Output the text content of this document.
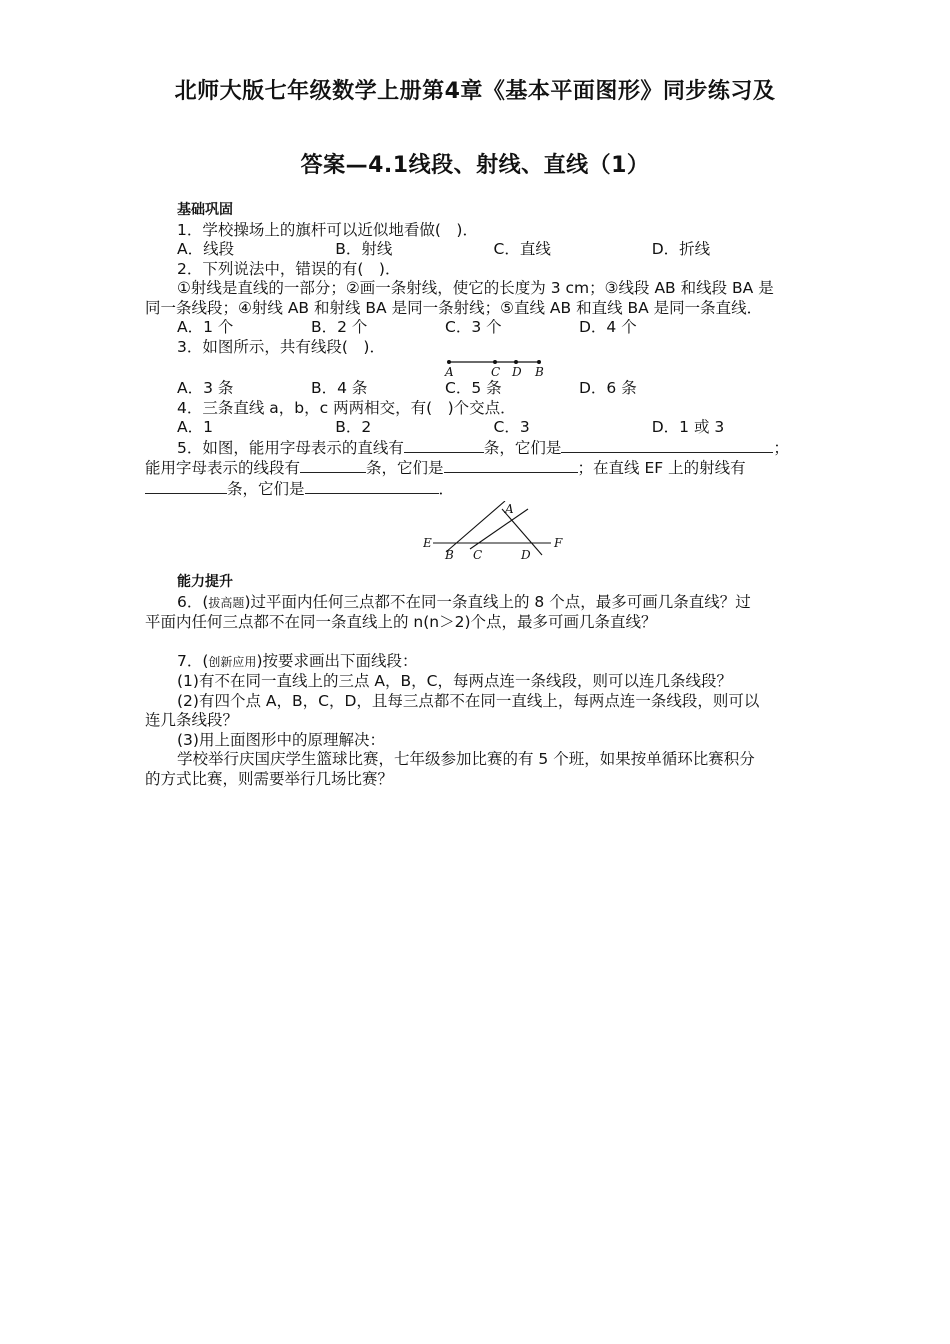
北师大版七年级数学上册第4章《基本平面图形》同步练习及
答案—4.1线段、射线、直线（1）

基础巩固

1．学校操场上的旗杆可以近似地看做(　)．

A．线段	B．射线	C．直线	D．折线

2．下列说法中，错误的有(　)．

①射线是直线的一部分；②画一条射线，使它的长度为 3 cm；③线段 AB 和线段 BA 是

同一条线段；④射线 AB 和射线 BA 是同一条射线；⑤直线 AB 和直线 BA 是同一条直线．

A．1 个	B．2 个	C．3 个	D．4 个

3．如图所示，共有线段(　)．

A	C D B
A．3 条	B．4 条	C．5 条	D．6 条

4．三条直线 a，b，c 两两相交，有(　)个交点．

A．1	B．2	C．3	D．1 或 3

5．如图，能用字母表示的直线有	条，它们是	；

能用字母表示的线段有	条，它们是	；在直线 EF 上的射线有

条，它们是	．

A
E
B C	D
F

能力提升

6．(拔高题)过平面内任何三点都不在同一条直线上的 8 个点，最多可画几条直线？过

平面内任何三点都不在同一条直线上的 n(n＞2)个点，最多可画几条直线？

7．(创新应用)按要求画出下面线段：

(1)有不在同一直线上的三点 A，B，C，每两点连一条线段，则可以连几条线段？

(2)有四个点 A，B，C，D，且每三点都不在同一直线上，每两点连一条线段，则可以

连几条线段？

(3)用上面图形中的原理解决：

学校举行庆国庆学生篮球比赛，七年级参加比赛的有 5 个班，如果按单循环比赛积分

的方式比赛，则需要举行几场比赛？
